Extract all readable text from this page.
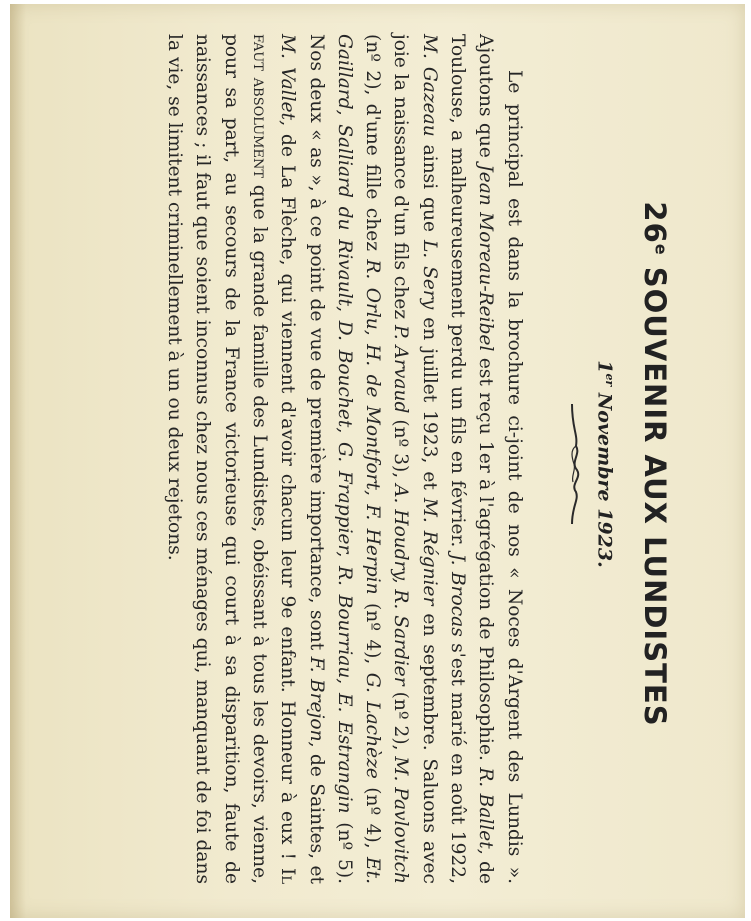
26e SOUVENIR AUX LUNDISTES
1er Novembre 1923.

Le principal est dans la brochure ci-joint de nos « Noces d'Argent des Lundis ». Ajoutons que Jean Moreau-Reibel est reçu 1er à l'agrégation de Philosophie. R. Ballet, de Toulouse, a malheureusement perdu un fils en février. J. Brocas s'est marié en août 1922, M. Gazeau ainsi que L. Sery en juillet 1923, et M. Régnier en septembre. Saluons avec joie la naissance d'un fils chez P. Arvaud (nº 3), A. Houdry, R. Sardier (nº 2), M. Pavlovitch (nº 2), d'une fille chez R. Orlu, H. de Montfort, F. Herpin (nº 4), G. Lachèze (nº 4), Et. Gaillard, Salliard du Rivault, D. Bouchet, G. Frappier, R. Bourriau, E. Estrangin (nº 5). Nos deux « as », à ce point de vue de première importance, sont F. Brejon, de Saintes, et M. Vallet, de La Flèche, qui viennent d'avoir chacun leur 9e enfant. Honneur à eux ! Il faut absolument que la grande famille des Lundistes, obéissant à tous les devoirs, vienne, pour sa part, au secours de la France victorieuse qui court à sa disparition, faute de naissances ; il faut que soient inconnus chez nous ces ménages qui, manquant de foi dans la vie, se limitent criminellement à un ou deux rejetons.
